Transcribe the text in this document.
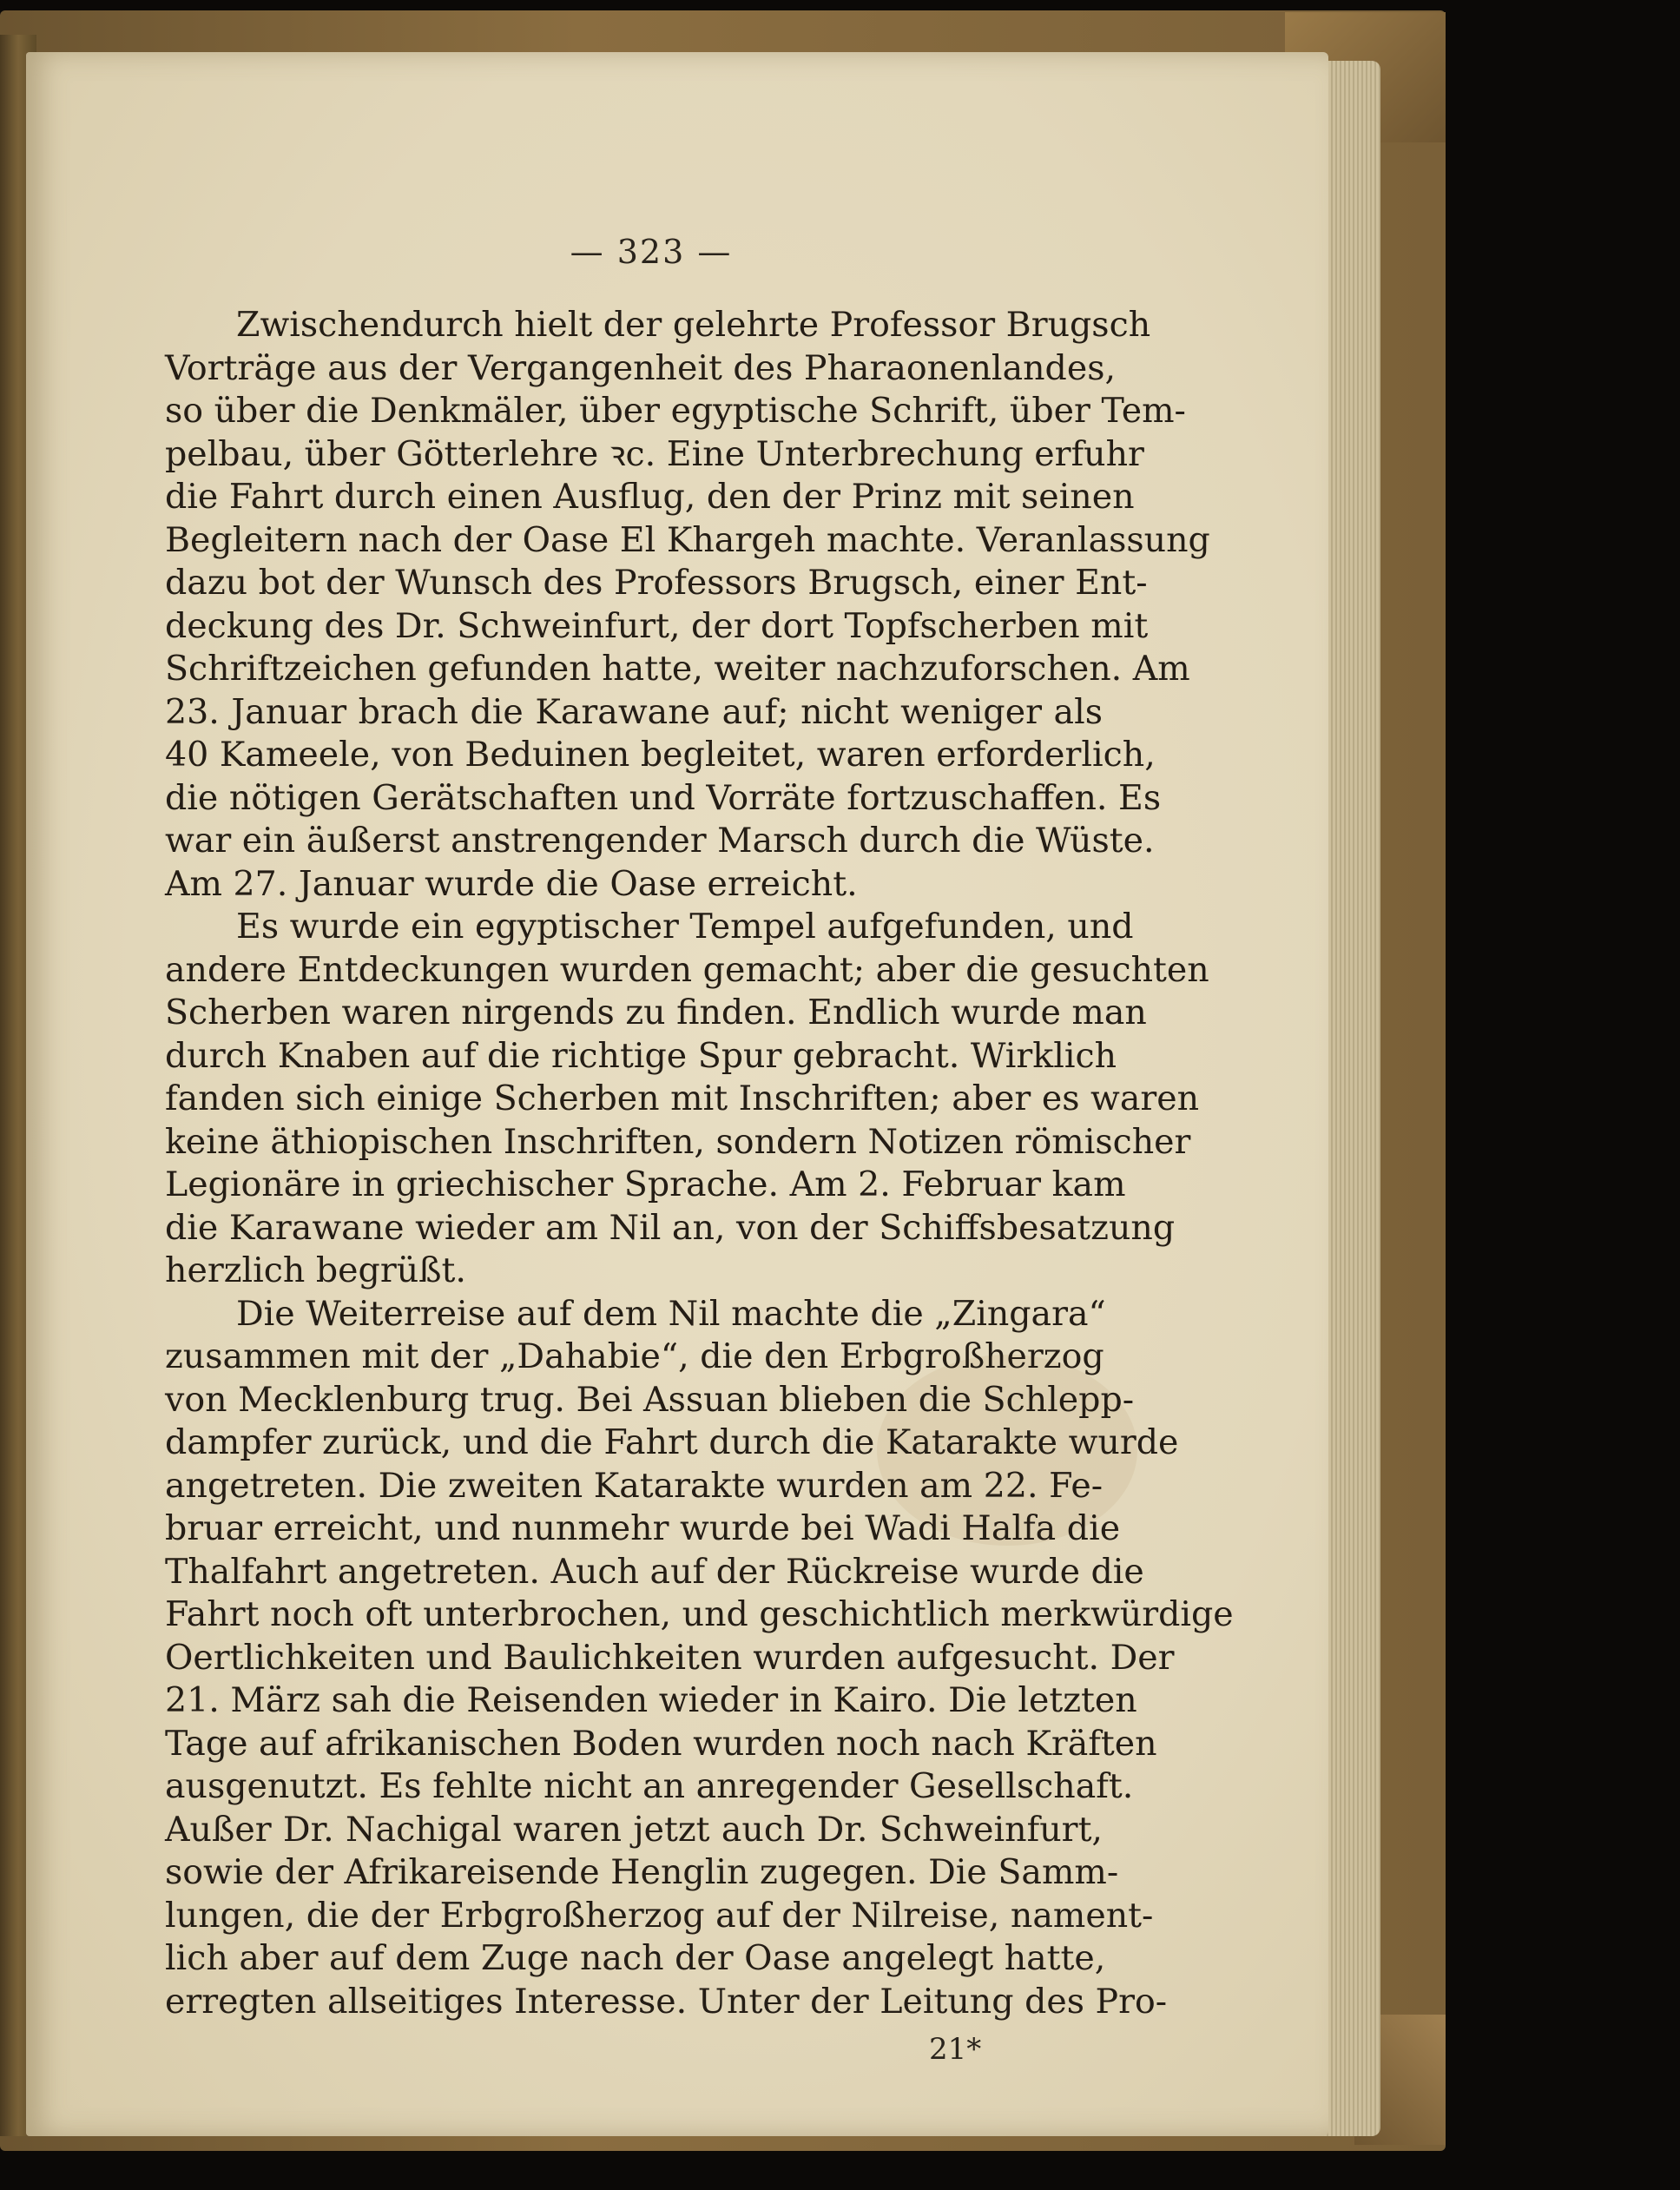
— 323 —
Zwischendurch hielt der gelehrte Professor Brugsch
Vorträge aus der Vergangenheit des Pharaonenlandes,
so über die Denkmäler, über egyptische Schrift, über Tem-
pelbau, über Götterlehre ꝛc. Eine Unterbrechung erfuhr
die Fahrt durch einen Ausflug, den der Prinz mit seinen
Begleitern nach der Oase El Khargeh machte. Veranlassung
dazu bot der Wunsch des Professors Brugsch, einer Ent-
deckung des Dr. Schweinfurt, der dort Topfscherben mit
Schriftzeichen gefunden hatte, weiter nachzuforschen. Am
23. Januar brach die Karawane auf; nicht weniger als
40 Kameele, von Beduinen begleitet, waren erforderlich,
die nötigen Gerätschaften und Vorräte fortzuschaffen. Es
war ein äußerst anstrengender Marsch durch die Wüste.
Am 27. Januar wurde die Oase erreicht.
Es wurde ein egyptischer Tempel aufgefunden, und
andere Entdeckungen wurden gemacht; aber die gesuchten
Scherben waren nirgends zu finden. Endlich wurde man
durch Knaben auf die richtige Spur gebracht. Wirklich
fanden sich einige Scherben mit Inschriften; aber es waren
keine äthiopischen Inschriften, sondern Notizen römischer
Legionäre in griechischer Sprache. Am 2. Februar kam
die Karawane wieder am Nil an, von der Schiffsbesatzung
herzlich begrüßt.
Die Weiterreise auf dem Nil machte die „Zingara“
zusammen mit der „Dahabie“, die den Erbgroßherzog
von Mecklenburg trug. Bei Assuan blieben die Schlepp-
dampfer zurück, und die Fahrt durch die Katarakte wurde
angetreten. Die zweiten Katarakte wurden am 22. Fe-
bruar erreicht, und nunmehr wurde bei Wadi Halfa die
Thalfahrt angetreten. Auch auf der Rückreise wurde die
Fahrt noch oft unterbrochen, und geschichtlich merkwürdige
Oertlichkeiten und Baulichkeiten wurden aufgesucht. Der
21. März sah die Reisenden wieder in Kairo. Die letzten
Tage auf afrikanischen Boden wurden noch nach Kräften
ausgenutzt. Es fehlte nicht an anregender Gesellschaft.
Außer Dr. Nachigal waren jetzt auch Dr. Schweinfurt,
sowie der Afrikareisende Henglin zugegen. Die Samm-
lungen, die der Erbgroßherzog auf der Nilreise, nament-
lich aber auf dem Zuge nach der Oase angelegt hatte,
erregten allseitiges Interesse. Unter der Leitung des Pro-
21*
